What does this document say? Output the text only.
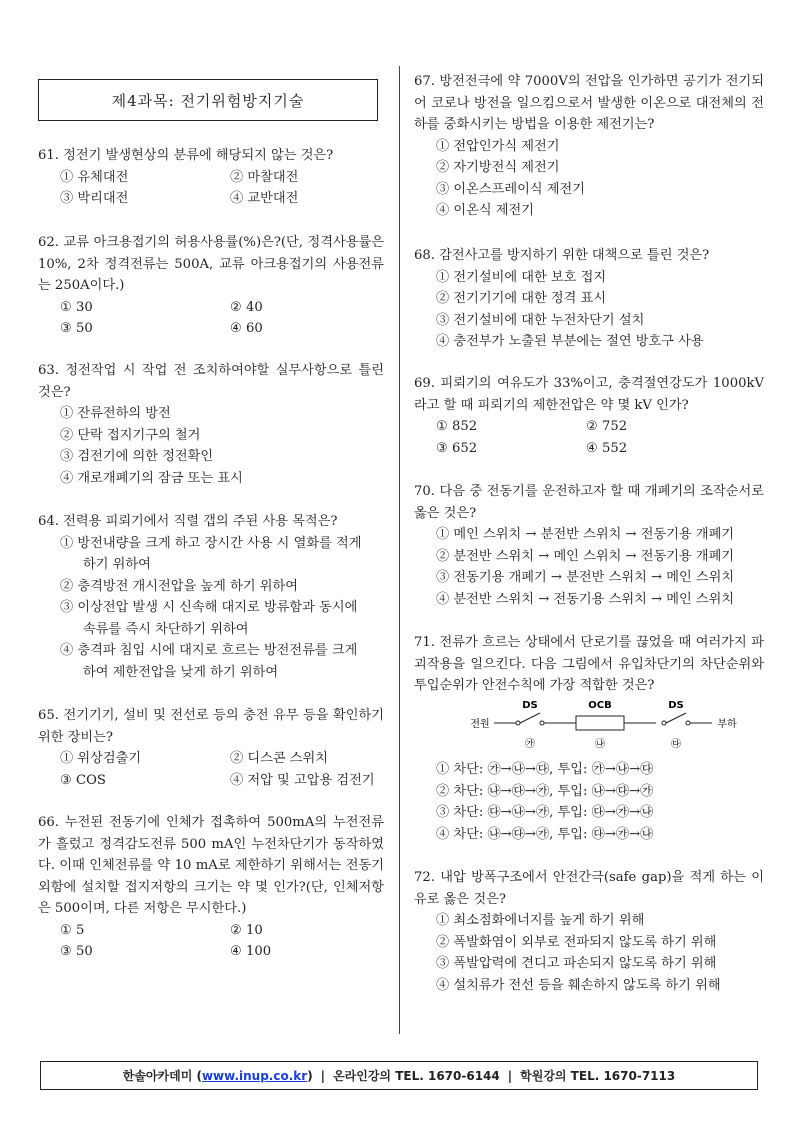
제4과목: 전기위험방지기술
61. 정전기 발생현상의 분류에 해당되지 않는 것은?
① 유체대전	② 마찰대전
③ 박리대전	④ 교반대전
62. 교류 아크용접기의 허용사용률(%)은?(단, 정격사용률은 10%, 2차 정격전류는 500A, 교류 아크용접기의 사용전류는 250A이다.)
① 30	② 40
③ 50	④ 60
63. 정전작업 시 작업 전 조치하여야할 실무사항으로 틀린 것은?
① 잔류전하의 방전
② 단락 접지기구의 철거
③ 검전기에 의한 정전확인
④ 개로개폐기의 잠금 또는 표시
64. 전력용 피뢰기에서 직렬 갭의 주된 사용 목적은?
① 방전내량을 크게 하고 장시간 사용 시 열화를 적게
하기 위하여
② 충격방전 개시전압을 높게 하기 위하여
③ 이상전압 발생 시 신속해 대지로 방류함과 동시에
속류를 즉시 차단하기 위하여
④ 충격파 침입 시에 대지로 흐르는 방전전류를 크게
하여 제한전압을 낮게 하기 위하여
65. 전기기기, 설비 및 전선로 등의 충전 유무 등을 확인하기 위한 장비는?
① 위상검출기	② 디스콘 스위치
③ COS	④ 저압 및 고압용 검전기
66. 누전된 전동기에 인체가 접촉하여 500mA의 누전전류가 흘렀고 정격감도전류 500 mA인 누전차단기가 동작하였다. 이때 인체전류를 약 10 mA로 제한하기 위해서는 전동기 외함에 설치할 접지저항의 크기는 약 몇 인가?(단, 인체저항은 500이며, 다른 저항은 무시한다.)
① 5	② 10
③ 50	④ 100
67. 방전전극에 약 7000V의 전압을 인가하면 공기가 전기되어 코로나 방전을 일으킴으로서 발생한 이온으로 대전체의 전하를 중화시키는 방법을 이용한 제전기는?
① 전압인가식 제전기
② 자기방전식 제전기
③ 이온스프레이식 제전기
④ 이온식 제전기
68. 감전사고를 방지하기 위한 대책으로 틀린 것은?
① 전기설비에 대한 보호 접지
② 전기기기에 대한 정격 표시
③ 전기설비에 대한 누전차단기 설치
④ 충전부가 노출된 부분에는 절연 방호구 사용
69. 피뢰기의 여유도가 33%이고, 충격절연강도가 1000kV라고 할 때 피뢰기의 제한전압은 약 몇 kV 인가?
① 852	② 752
③ 652	④ 552
70. 다음 중 전동기를 운전하고자 할 때 개폐기의 조작순서로 옳은 것은?
① 메인 스위치 → 분전반 스위치 → 전동기용 개폐기
② 분전반 스위치 → 메인 스위치 → 전동기용 개폐기
③ 전동기용 개폐기 → 분전반 스위치 → 메인 스위치
④ 분전반 스위치 → 전동기용 스위치 → 메인 스위치
71. 전류가 흐르는 상태에서 단로기를 끊었을 때 여러가지 파괴작용을 일으킨다. 다음 그림에서 유입차단기의 차단순위와 투입순위가 안전수칙에 가장 적합한 것은?
① 차단: ㉮→㉯→㉰, 투입: ㉮→㉯→㉰
② 차단: ㉯→㉰→㉮, 투입: ㉯→㉰→㉮
③ 차단: ㉰→㉯→㉮, 투입: ㉰→㉮→㉯
④ 차단: ㉯→㉰→㉮, 투입: ㉰→㉮→㉯
72. 내압 방폭구조에서 안전간극(safe gap)을 적게 하는 이유로 옳은 것은?
① 최소점화에너지를 높게 하기 위해
② 폭발화염이 외부로 전파되지 않도록 하기 위해
③ 폭발압력에 견디고 파손되지 않도록 하기 위해
④ 설치류가 전선 등을 훼손하지 않도록 하기 위해
DS	OCB	DS
전원	부하
㉮	㉯	㉰
한솔아카데미 ( www.inup.co.kr ) | 온라인강의 TEL. 1670-6144 | 학원강의 TEL. 1670-7113
